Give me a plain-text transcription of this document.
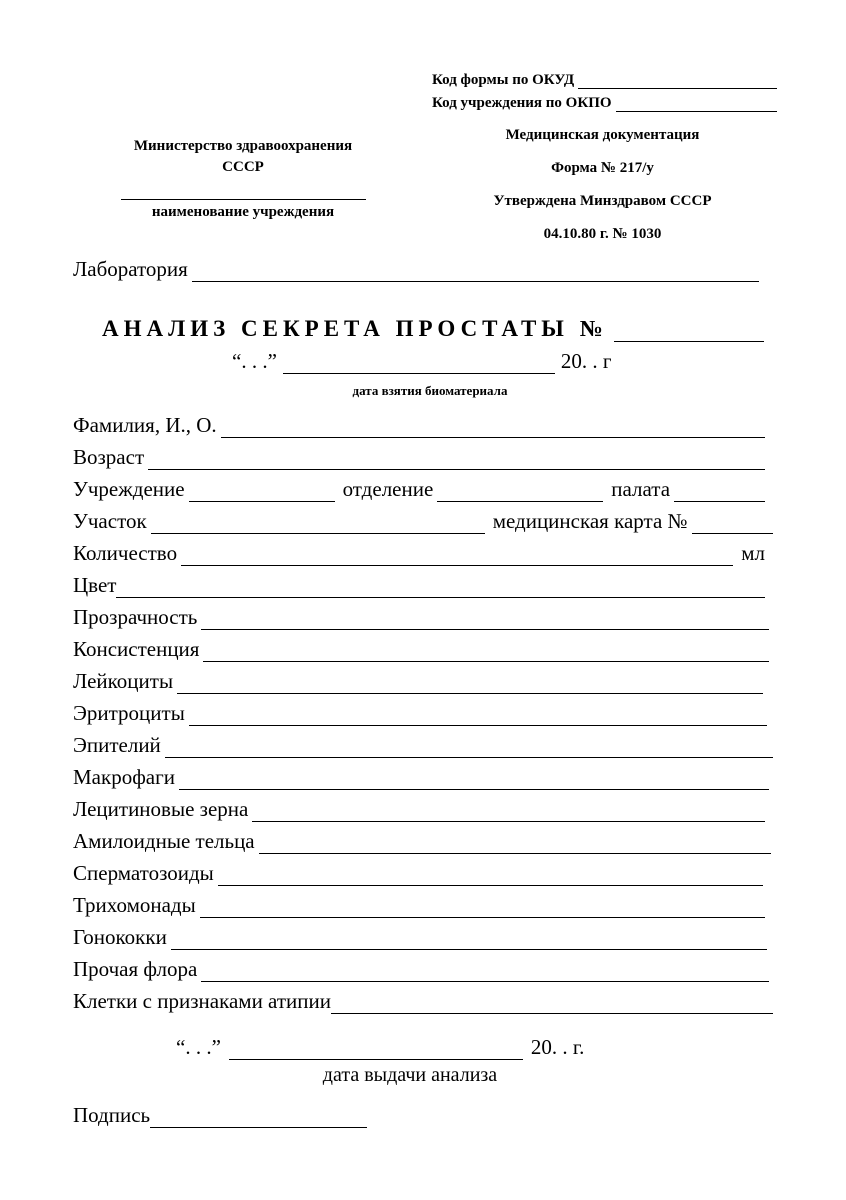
Код формы по ОКУД
Код учреждения по ОКПО
Министерство здравоохранения
СССР
наименование учреждения
Медицинская документация
Форма № 217/у
Утверждена Минздравом СССР
04.10.80 г. № 1030
Лаборатория
АНАЛИЗ СЕКРЕТА ПРОСТАТЫ №
“. . .”	20. . г
дата взятия биоматериала
Фамилия, И., О.
Возраст
Учреждение	отделение	палата
Участок	медицинская карта №
Количество	мл
Цвет
Прозрачность
Консистенция
Лейкоциты
Эритроциты
Эпителий
Макрофаги
Лецитиновые зерна
Амилоидные тельца
Сперматозоиды
Трихомонады
Гонококки
Прочая флора
Клетки с признаками атипии
“. . .”	20. . г.
дата выдачи анализа
Подпись
